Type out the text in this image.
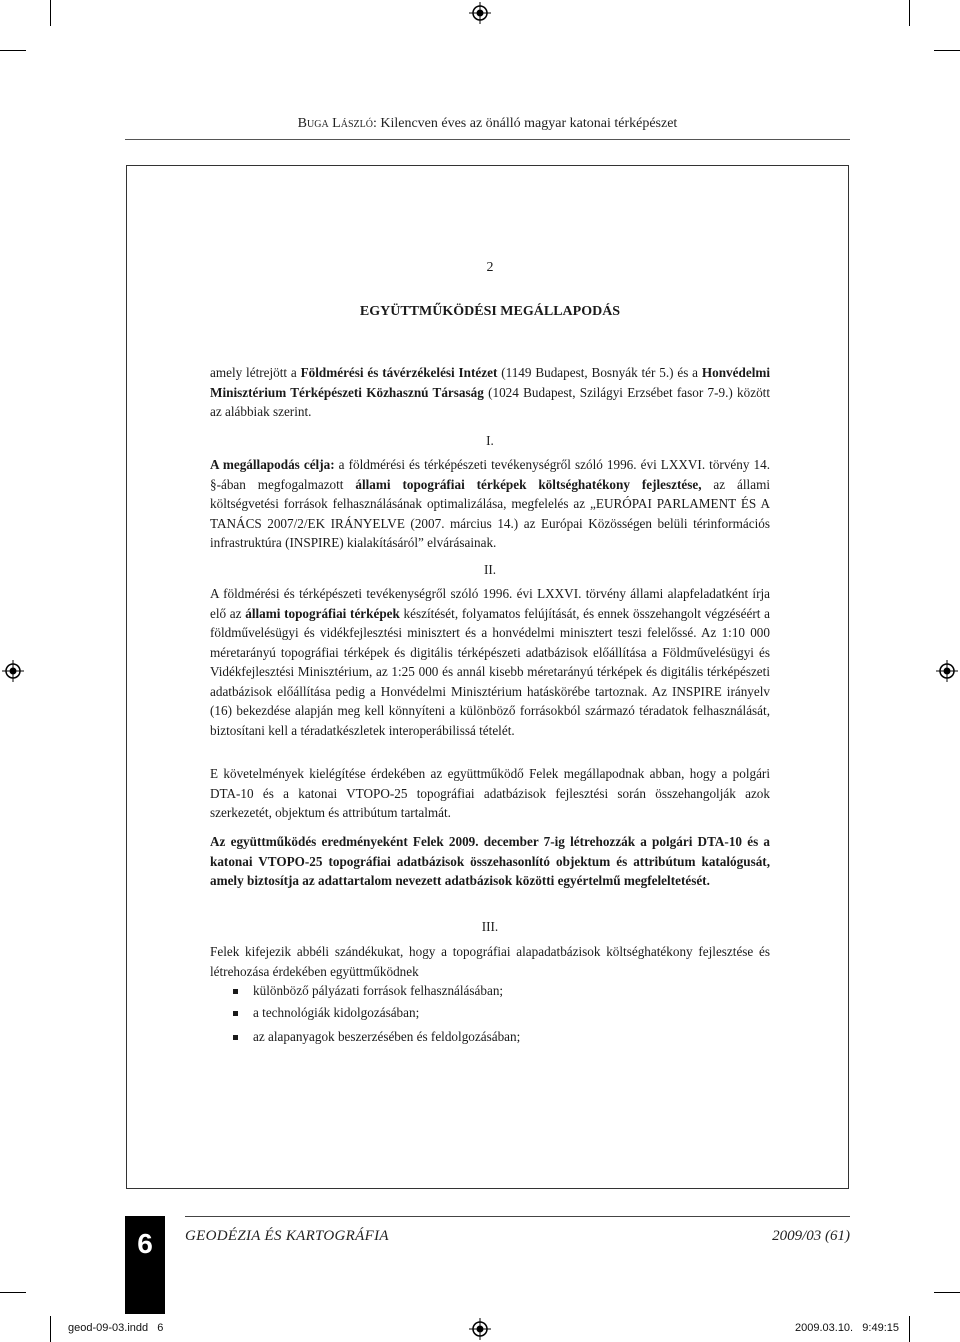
Buga László: Kilencven éves az önálló magyar katonai térképészet
2
EGYÜTTMŰKÖDÉSI MEGÁLLAPODÁS
amely létrejött a Földmérési és távérzékelési Intézet (1149 Budapest, Bosnyák tér 5.) és a Honvédelmi Minisztérium Térképészeti Közhasznú Társaság (1024 Budapest, Szilágyi Erzsébet fasor 7-9.) között az alábbiak szerint.
I.
A megállapodás célja: a földmérési és térképészeti tevékenységről szóló 1996. évi LXXVI. törvény 14. §-ában megfogalmazott állami topográfiai térképek költséghatékony fejlesztése, az állami költségvetési források felhasználásának optimalizálása, megfelelés az „EURÓPAI PARLAMENT ÉS A TANÁCS 2007/2/EK IRÁNYELVE (2007. március 14.) az Európai Közösségen belüli térinformációs infrastruktúra (INSPIRE) kialakításáról” elvárásainak.
II.
A földmérési és térképészeti tevékenységről szóló 1996. évi LXXVI. törvény állami alapfeladatként írja elő az állami topográfiai térképek készítését, folyamatos felújítását, és ennek összehangolt végzéséért a földművelésügyi és vidékfejlesztési minisztert és a honvédelmi minisztert teszi felelőssé. Az 1:10 000 méretarányú topográfiai térképek és digitális térképészeti adatbázisok előállítása a Földművelésügyi és Vidékfejlesztési Minisztérium, az 1:25 000 és annál kisebb méretarányú térképek és digitális térképészeti adatbázisok előállítása pedig a Honvédelmi Minisztérium hatáskörébe tartoznak. Az INSPIRE irányelv (16) bekezdése alapján meg kell könnyíteni a különböző forrásokból származó téradatok felhasználását, biztosítani kell a téradatkészletek interoperábilissá tételét.
E követelmények kielégítése érdekében az együttműködő Felek megállapodnak abban, hogy a polgári DTA-10 és a katonai VTOPO-25 topográfiai adatbázisok fejlesztési során összehangolják azok szerkezetét, objektum és attribútum tartalmát.
Az együttműködés eredményeként Felek 2009. december 7-ig létrehozzák a polgári DTA-10 és a katonai VTOPO-25 topográfiai adatbázisok összehasonlító objektum és attribútum katalógusát, amely biztosítja az adattartalom nevezett adatbázisok közötti egyértelmű megfeleltetését.
III.
Felek kifejezik abbéli szándékukat, hogy a topográfiai alapadatbázisok költséghatékony fejlesztése és létrehozása érdekében együttműködnek
különböző pályázati források felhasználásában;
a technológiák kidolgozásában;
az alapanyagok beszerzésében és feldolgozásában;
6	GEODÉZIA ÉS KARTOGRÁFIA	2009/03 (61)
geod-09-03.indd   6	2009.03.10.   9:49:15
